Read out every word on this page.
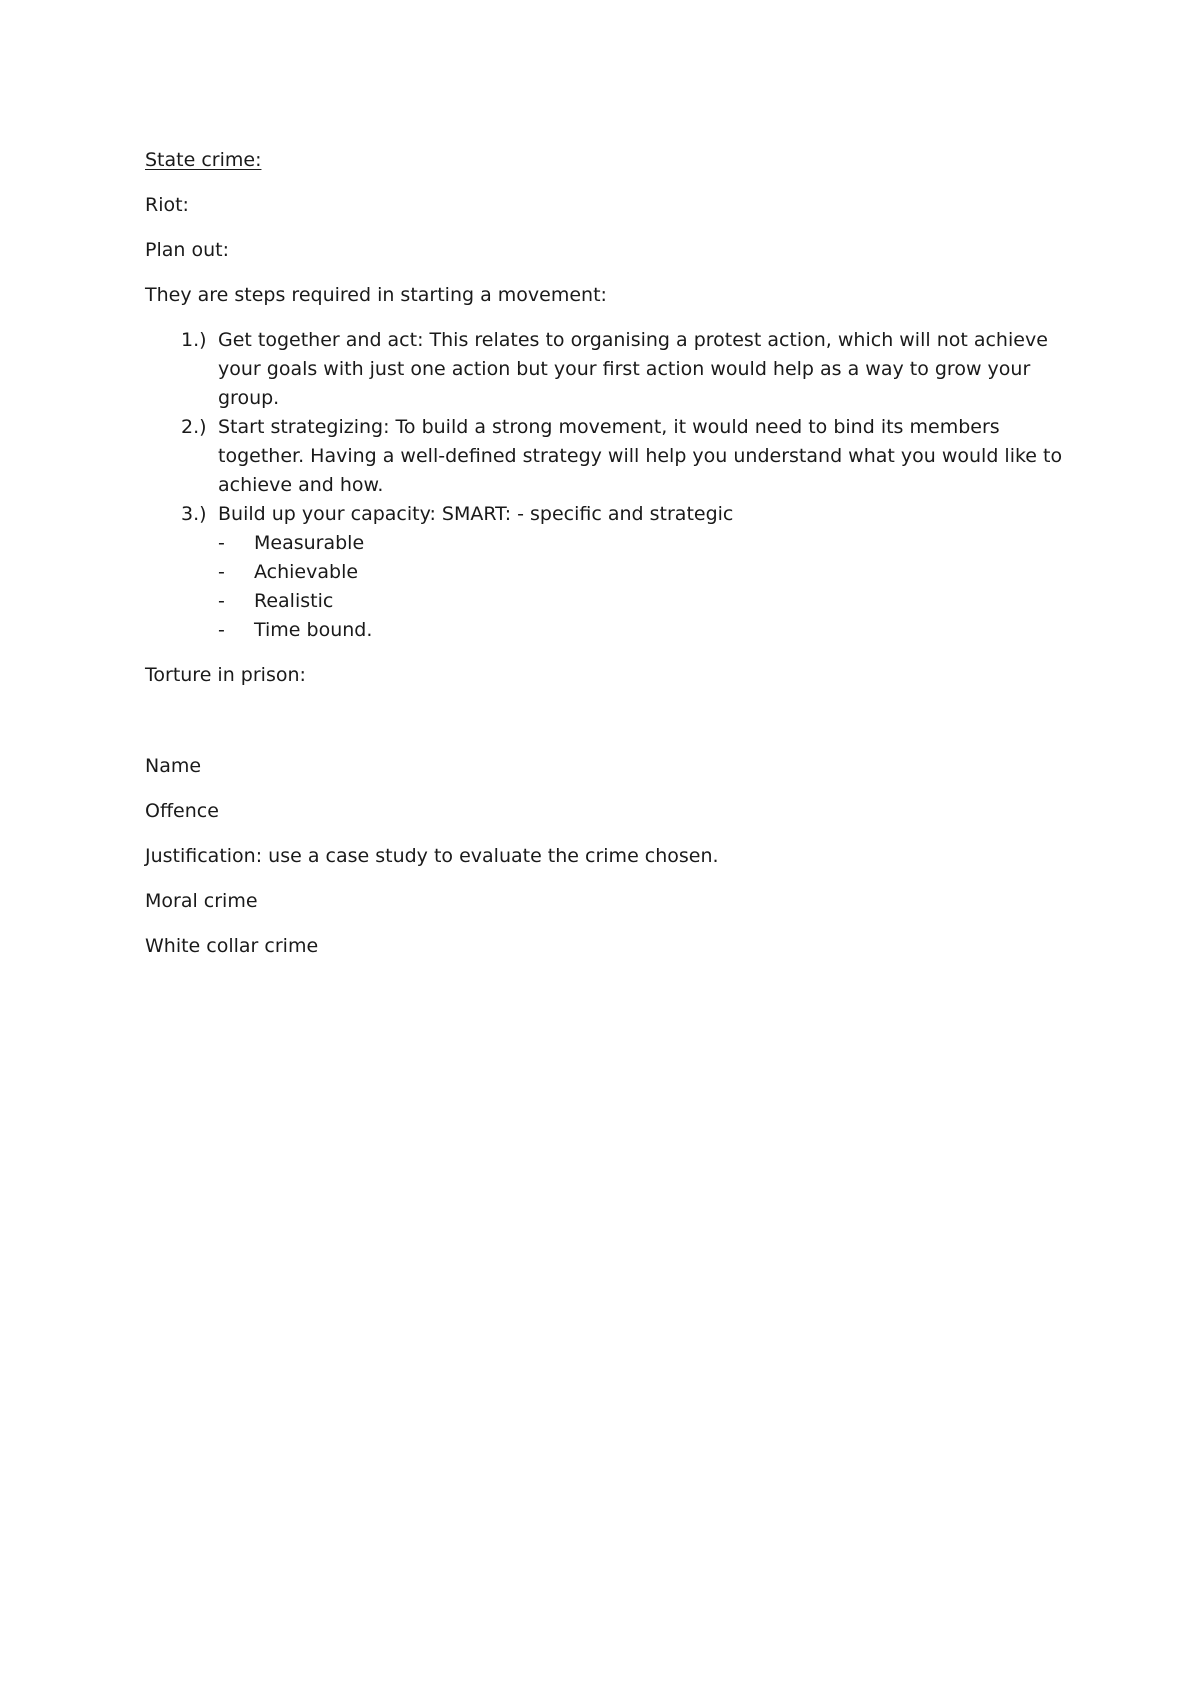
State crime:

Riot:

Plan out:

They are steps required in starting a movement:

1.) Get together and act: This relates to organising a protest action, which will not achieve your goals with just one action but your first action would help as a way to grow your group.
2.) Start strategizing: To build a strong movement, it would need to bind its members together. Having a well-defined strategy will help you understand what you would like to achieve and how.
3.) Build up your capacity: SMART: - specific and strategic
- Measurable
- Achievable
- Realistic
- Time bound.

Torture in prison:

Name

Offence

Justification: use a case study to evaluate the crime chosen.

Moral crime

White collar crime
